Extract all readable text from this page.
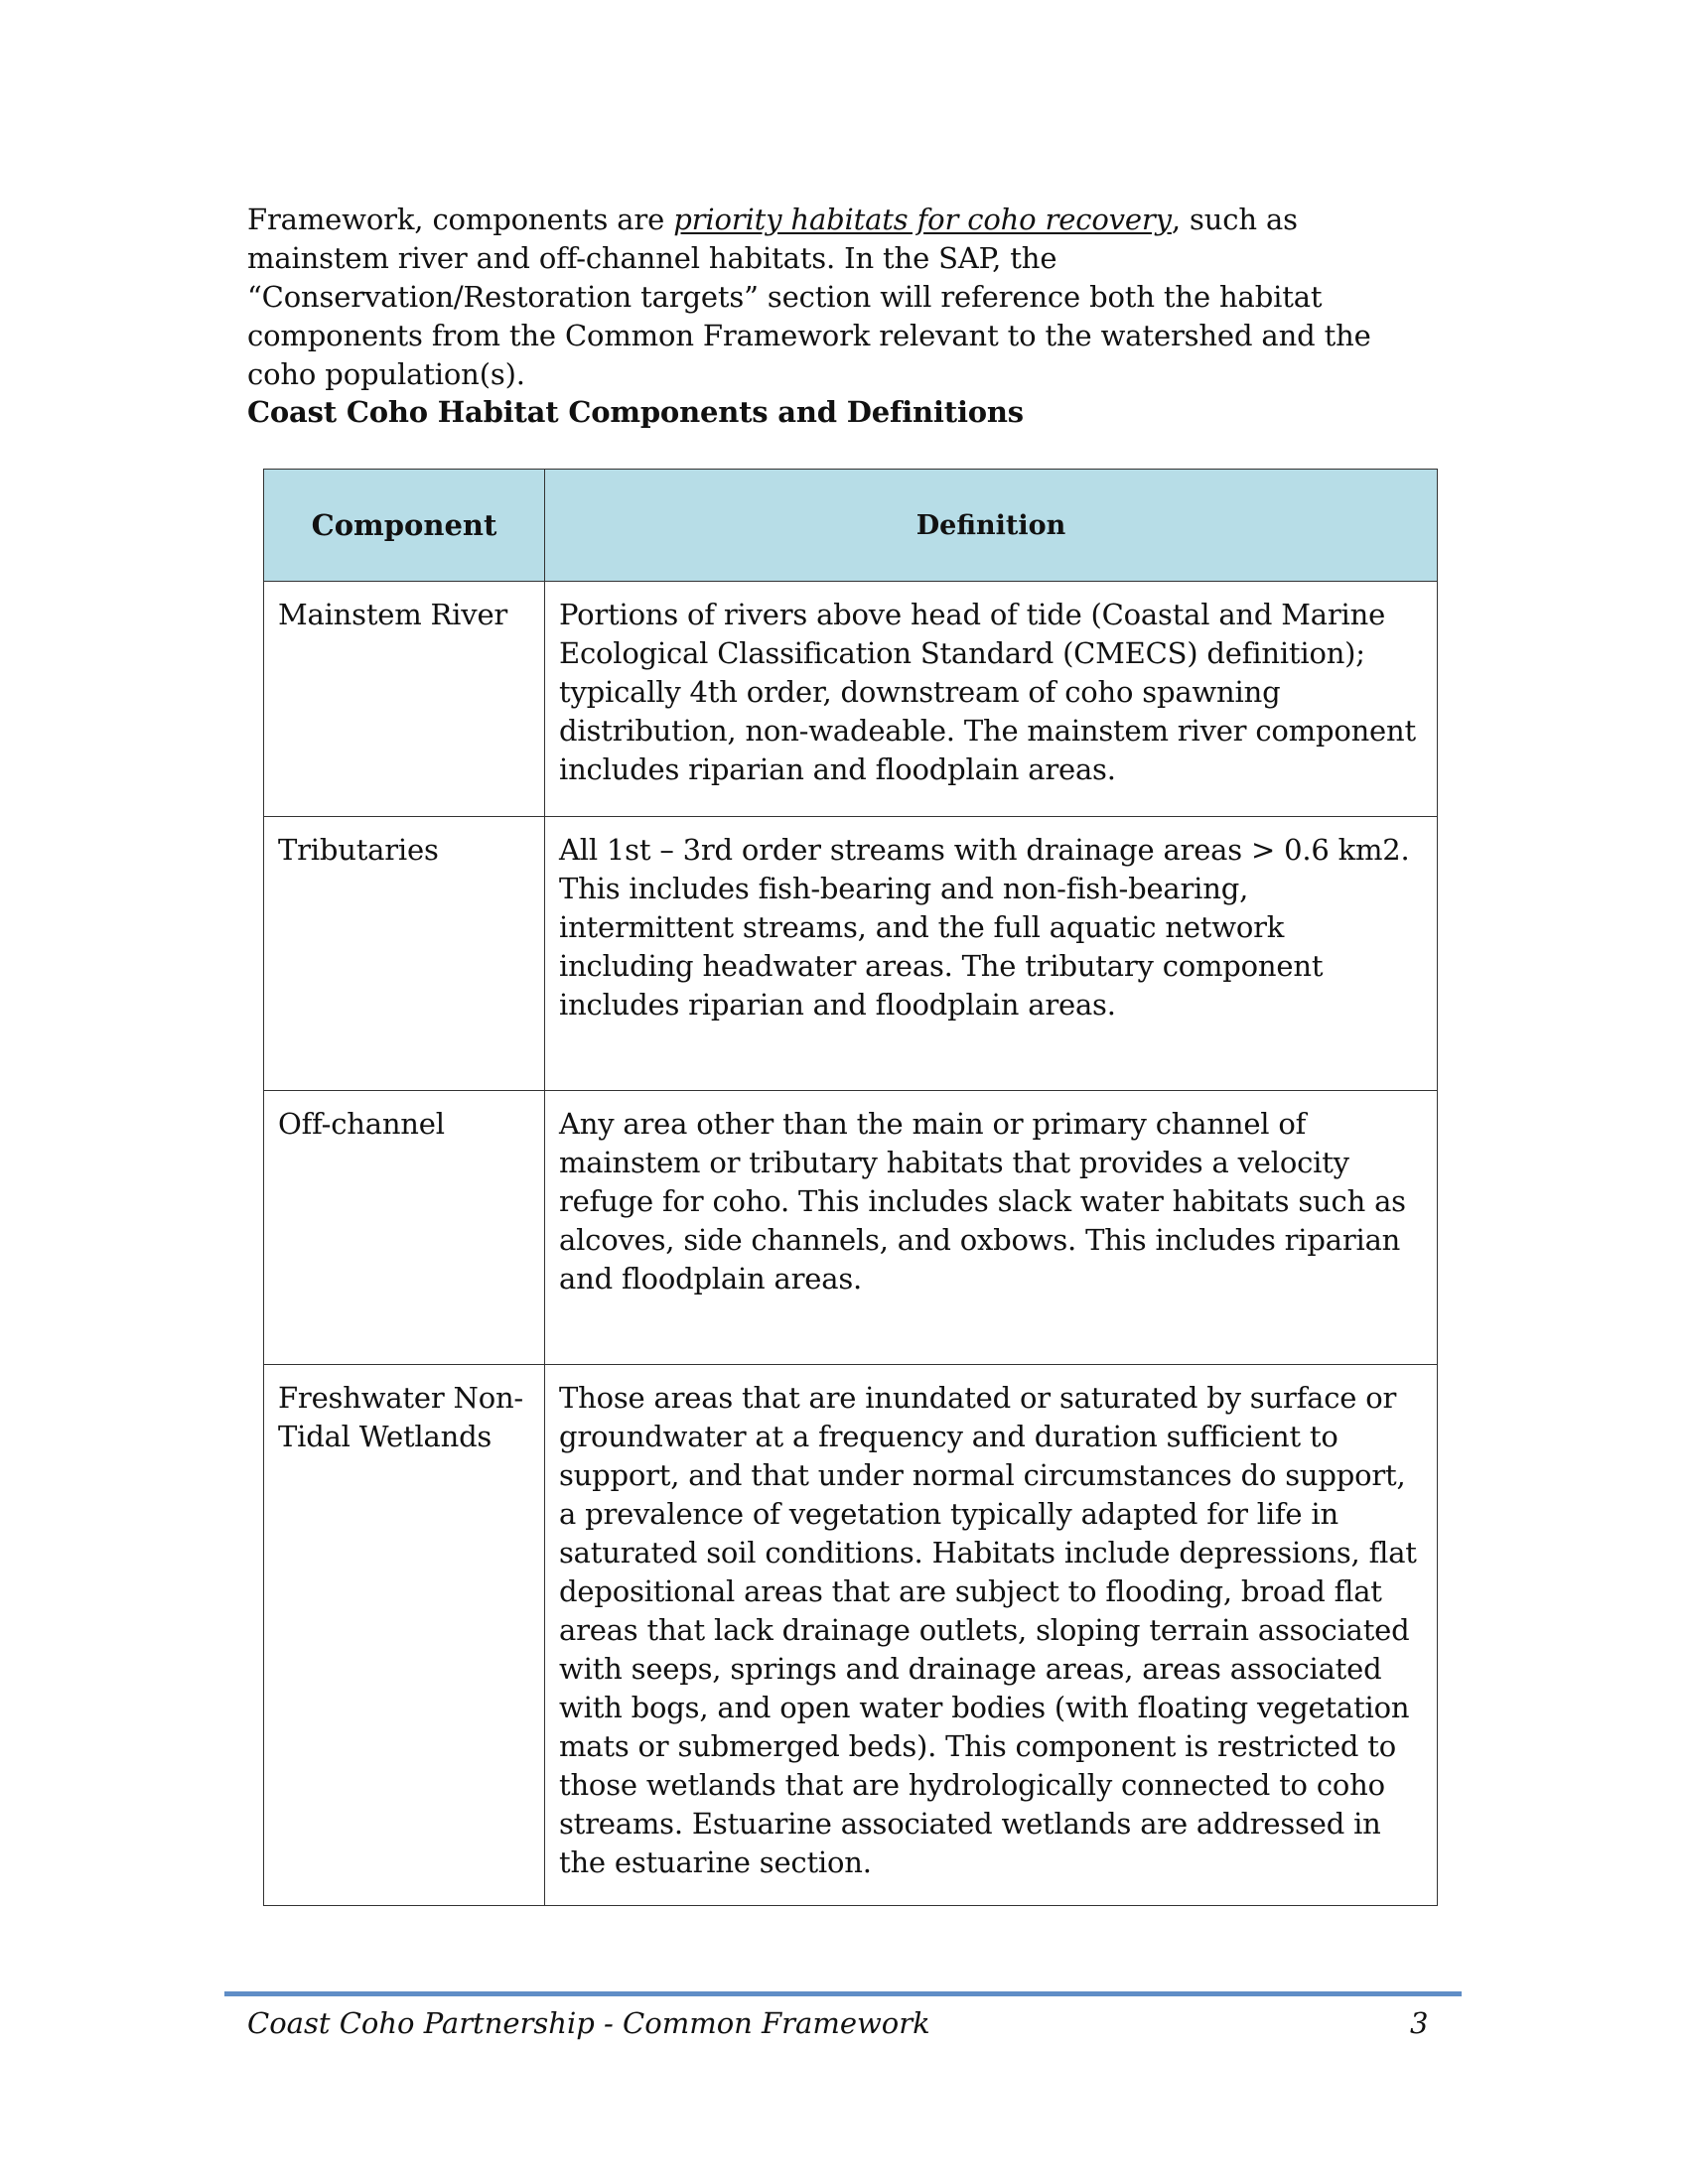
Framework, components are priority habitats for coho recovery, such as mainstem river and off-channel habitats. In the SAP, the “Conservation/Restoration targets” section will reference both the habitat components from the Common Framework relevant to the watershed and the coho population(s).

Coast Coho Habitat Components and Definitions
Component	Definition
Mainstem River	Portions of rivers above head of tide (Coastal and Marine Ecological Classification Standard (CMECS) definition); typically 4th order, downstream of coho spawning distribution, non-wadeable. The mainstem river component includes riparian and floodplain areas.
Tributaries	All 1st – 3rd order streams with drainage areas > 0.6 km2. This includes fish-bearing and non-fish-bearing, intermittent streams, and the full aquatic network including headwater areas. The tributary component includes riparian and floodplain areas.
Off-channel	Any area other than the main or primary channel of mainstem or tributary habitats that provides a velocity refuge for coho. This includes slack water habitats such as alcoves, side channels, and oxbows. This includes riparian and floodplain areas.
Freshwater Non-Tidal Wetlands	Those areas that are inundated or saturated by surface or groundwater at a frequency and duration sufficient to support, and that under normal circumstances do support, a prevalence of vegetation typically adapted for life in saturated soil conditions. Habitats include depressions, flat depositional areas that are subject to flooding, broad flat areas that lack drainage outlets, sloping terrain associated with seeps, springs and drainage areas, areas associated with bogs, and open water bodies (with floating vegetation mats or submerged beds). This component is restricted to those wetlands that are hydrologically connected to coho streams. Estuarine associated wetlands are addressed in the estuarine section.
Coast Coho Partnership - Common Framework	3
